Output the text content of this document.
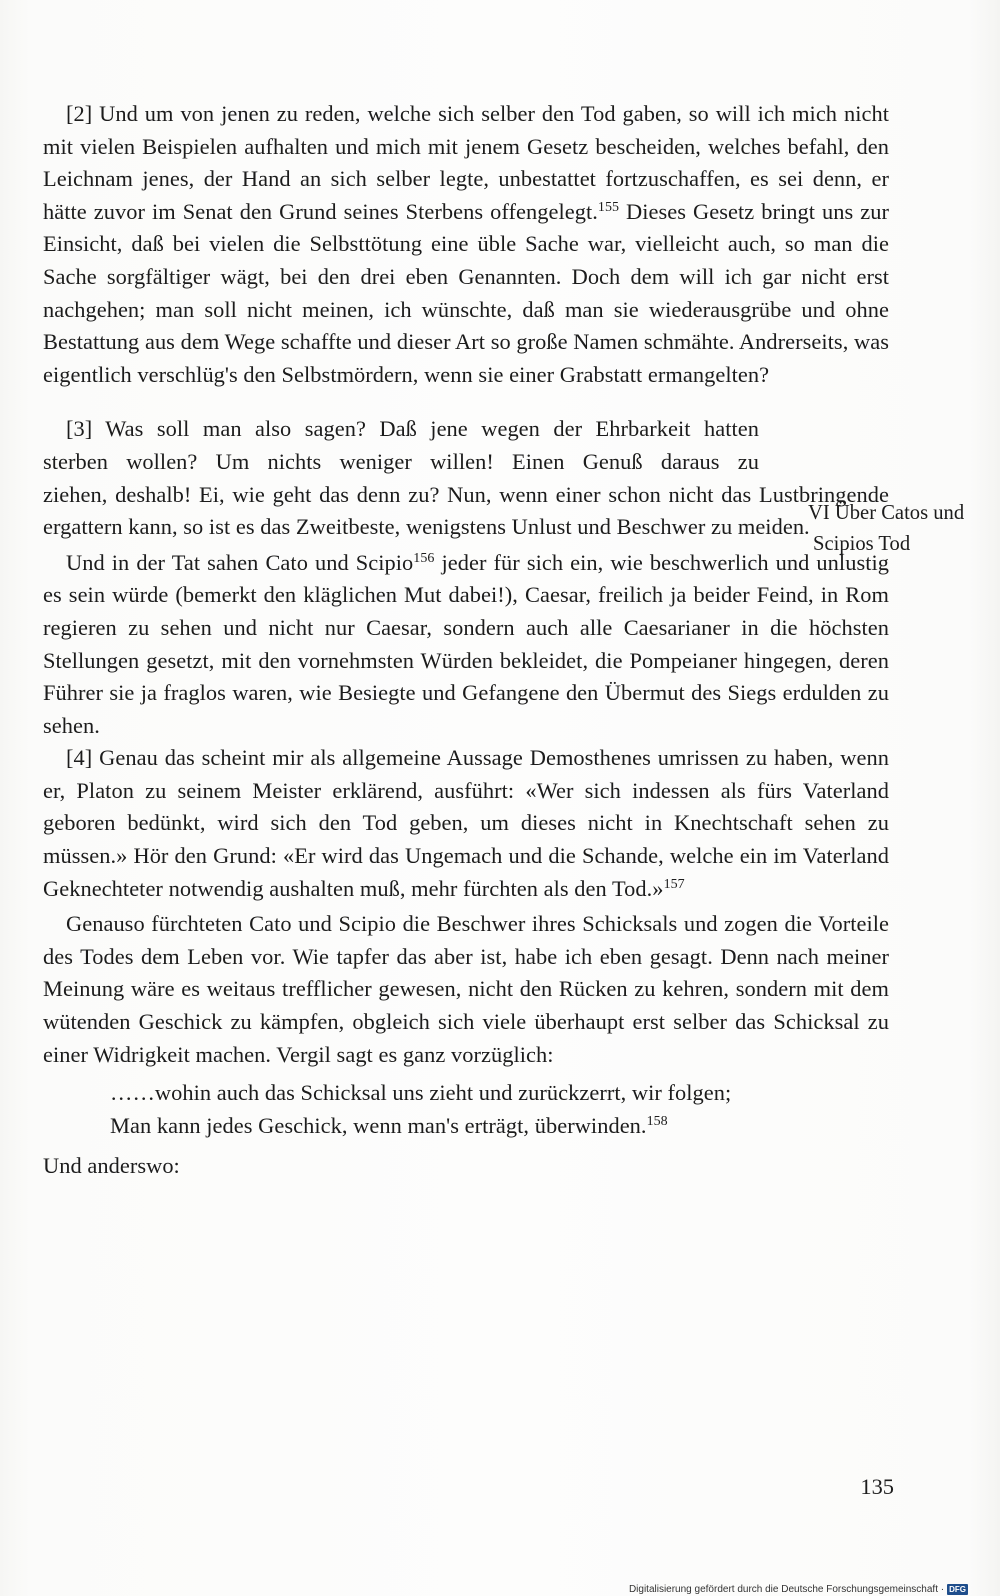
[2] Und um von jenen zu reden, welche sich selber den Tod gaben, so will ich mich nicht mit vielen Beispielen aufhalten und mich mit jenem Gesetz bescheiden, welches befahl, den Leichnam jenes, der Hand an sich selber legte, unbestattet fortzuschaffen, es sei denn, er hätte zuvor im Senat den Grund seines Sterbens offengelegt.$^{155}$ Dieses Gesetz bringt uns zur Einsicht, daß bei vielen die Selbsttötung eine üble Sache war, vielleicht auch, so man die Sache sorgfältiger wägt, bei den drei eben Genannten. Doch dem will ich gar nicht erst nachgehen; man soll nicht meinen, ich wünschte, daß man sie wiederausgrübe und ohne Bestattung aus dem Wege schaffte und dieser Art so große Namen schmähte. Andrerseits, was eigentlich verschlüg's den Selbstmördern, wenn sie einer Grabstatt ermangelten?

[3] Was soll man also sagen? Daß jene wegen der Ehrbarkeit hatten

sterben wollen? Um nichts weniger willen! Einen Genuß daraus zu

ziehen, deshalb! Ei, wie geht das denn zu? Nun, wenn einer schon nicht das Lustbringende ergattern kann, so ist es das Zweitbeste, wenigstens Unlust und Beschwer zu meiden.

Und in der Tat sahen Cato und Scipio$^{156}$ jeder für sich ein, wie beschwerlich und unlustig es sein würde (bemerkt den kläglichen Mut dabei!), Caesar, freilich ja beider Feind, in Rom regieren zu sehen und nicht nur Caesar, sondern auch alle Caesarianer in die höchsten Stellungen gesetzt, mit den vornehmsten Würden bekleidet, die Pompeianer hingegen, deren Führer sie ja fraglos waren, wie Besiegte und Gefangene den Übermut des Siegs erdulden zu sehen.

[4] Genau das scheint mir als allgemeine Aussage Demosthenes umrissen zu haben, wenn er, Platon zu seinem Meister erklärend, ausführt: «Wer sich indessen als fürs Vaterland geboren bedünkt, wird sich den Tod geben, um dieses nicht in Knechtschaft sehen zu müssen.» Hör den Grund: «Er wird das Ungemach und die Schande, welche ein im Vaterland Geknechteter notwendig aushalten muß, mehr fürchten als den Tod.»$^{157}$

Genauso fürchteten Cato und Scipio die Beschwer ihres Schicksals und zogen die Vorteile des Todes dem Leben vor. Wie tapfer das aber ist, habe ich eben gesagt. Denn nach meiner Meinung wäre es weitaus trefflicher gewesen, nicht den Rücken zu kehren, sondern mit dem wütenden Geschick zu kämpfen, obgleich sich viele überhaupt erst selber das Schicksal zu einer Widrigkeit machen. Vergil sagt es ganz vorzüglich:

……wohin auch das Schicksal uns zieht und zurückzerrt, wir folgen;

Man kann jedes Geschick, wenn man's erträgt, überwinden.$^{158}$

Und anderswo:

VI Über Catos und
Scipios Tod
135
Digitalisierung gefördert durch die Deutsche Forschungsgemeinschaft · DFG
